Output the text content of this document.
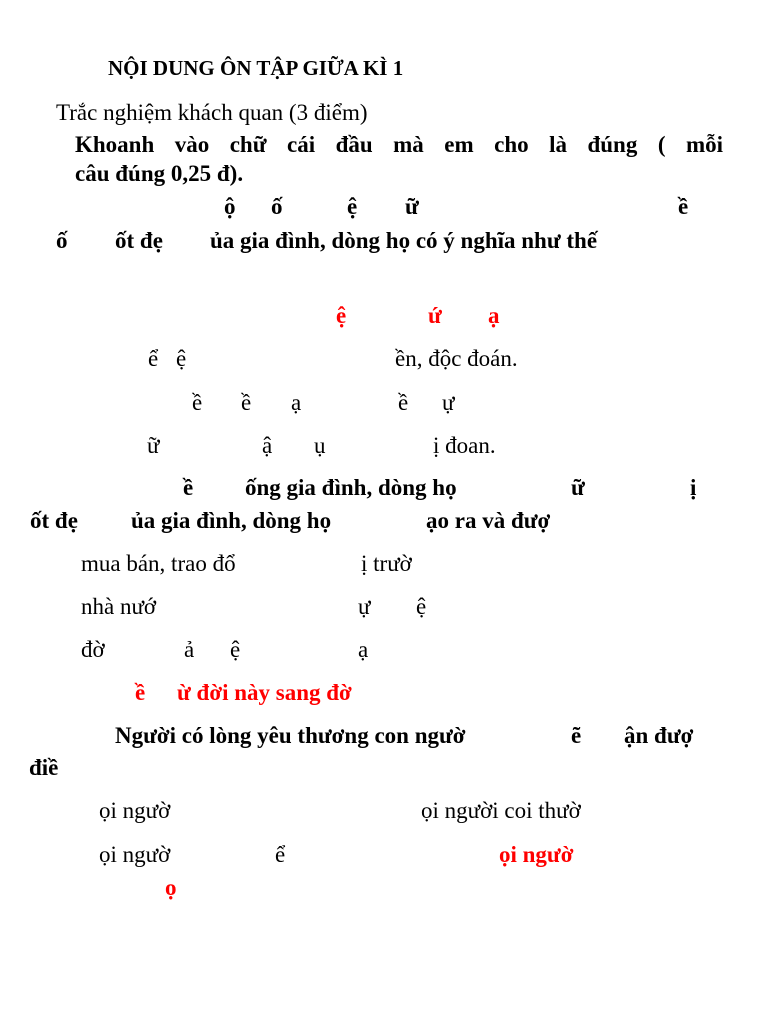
NỘI DUNG ÔN TẬP GIỮA KÌ 1
Trắc nghiệm khách quan (3 điểm)
Khoanh vào chữ cái đầu mà em cho là đúng ( mỗi
câu đúng 0,25 đ).
ộ ố	ệ ữ	ề
ố ốt đẹ ủa gia đình, dòng họ có ý nghĩa như thế
ệ	ứ ạ
ể ệ	ền, độc đoán.
ề ề ạ	ề ự
ữ	ậ ụ	ị đoan.
ề ống gia đình, dòng họ	ữ	ị
ốt đẹ ủa gia đình, dòng họ	ạo ra và đượ
mua bán, trao đổ	ị trườ
nhà nướ	ự ệ
đờ	ả ệ	ạ
ề ừ đời này sang đờ
Người có lòng yêu thương con ngườ	ẽ ận đượ
điề
ọi ngườ	ọi người coi thườ
ọi ngườ	ể	ọi ngườ
ọ
